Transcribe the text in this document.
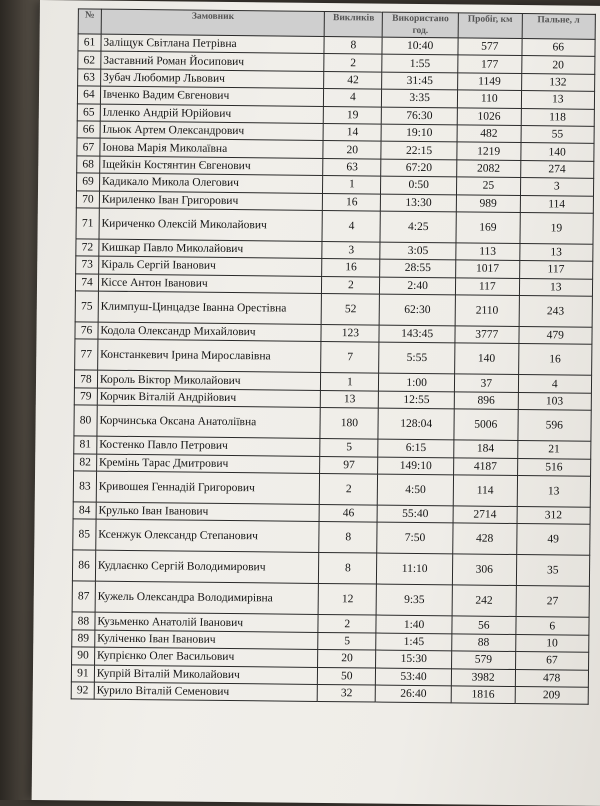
№	Замовник	Викликів	Використано год.	Пробіг, км	Пальне, л
61	Заліщук Світлана Петрівна	8	10:40	577	66
62	Заставний Роман Йосипович	2	1:55	177	20
63	Зубач Любомир Львович	42	31:45	1149	132
64	Івченко Вадим Євгенович	4	3:35	110	13
65	Ілленко Андрій Юрійович	19	76:30	1026	118
66	Ільюк Артем Олександрович	14	19:10	482	55
67	Іонова Марія Миколаївна	20	22:15	1219	140
68	Іщейкін Костянтин Євгенович	63	67:20	2082	274
69	Кадикало Микола Олегович	1	0:50	25	3
70	Кириленко Іван Григорович	16	13:30	989	114
71	Кириченко Олексій Миколайович	4	4:25	169	19
72	Кишкар Павло Миколайович	3	3:05	113	13
73	Кіраль Сергій Іванович	16	28:55	1017	117
74	Кіссе Антон Іванович	2	2:40	117	13
75	Климпуш-Цинцадзе Іванна Орестівна	52	62:30	2110	243
76	Кодола Олександр Михайлович	123	143:45	3777	479
77	Констанкевич Ірина Мирославівна	7	5:55	140	16
78	Король Віктор Миколайович	1	1:00	37	4
79	Корчик Віталій Андрійович	13	12:55	896	103
80	Корчинська Оксана Анатоліївна	180	128:04	5006	596
81	Костенко Павло Петрович	5	6:15	184	21
82	Кремінь Тарас Дмитрович	97	149:10	4187	516
83	Кривошея Геннадій Григорович	2	4:50	114	13
84	Крулько Іван Іванович	46	55:40	2714	312
85	Ксенжук Олександр Степанович	8	7:50	428	49
86	Кудлаєнко Сергій Володимирович	8	11:10	306	35
87	Кужель Олександра Володимирівна	12	9:35	242	27
88	Кузьменко Анатолій Іванович	2	1:40	56	6
89	Кулiченко Іван Іванович	5	1:45	88	10
90	Купрієнко Олег Васильович	20	15:30	579	67
91	Купрій Віталій Миколайович	50	53:40	3982	478
92	Курило Віталій Семенович	32	26:40	1816	209
